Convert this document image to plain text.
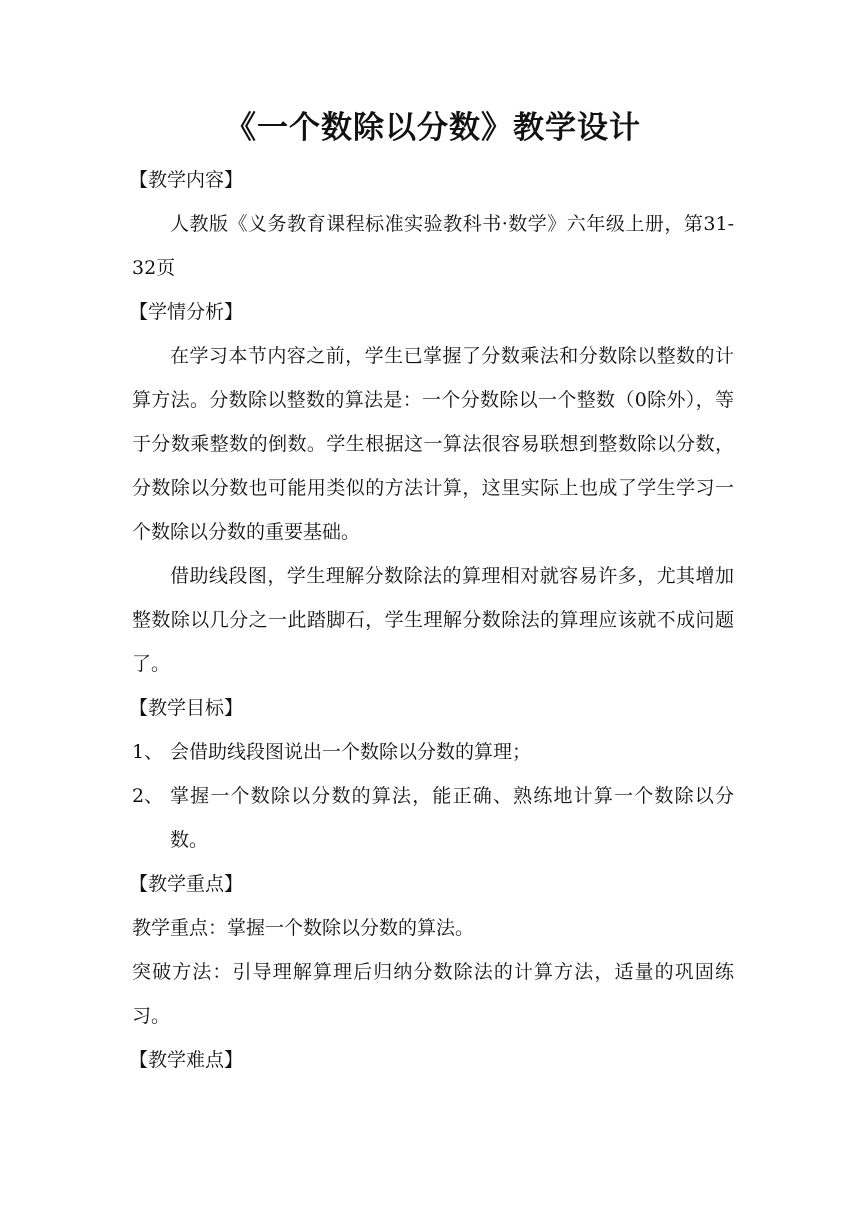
《一个数除以分数》教学设计
【教学内容】

人教版《义务教育课程标准实验教科书·数学》六年级上册，第31-32页

【学情分析】

在学习本节内容之前，学生已掌握了分数乘法和分数除以整数的计算方法。分数除以整数的算法是：一个分数除以一个整数（0除外），等于分数乘整数的倒数。学生根据这一算法很容易联想到整数除以分数，分数除以分数也可能用类似的方法计算，这里实际上也成了学生学习一个数除以分数的重要基础。

借助线段图，学生理解分数除法的算理相对就容易许多，尤其增加整数除以几分之一此踏脚石，学生理解分数除法的算理应该就不成问题了。

【教学目标】
1、 会借助线段图说出一个数除以分数的算理；
2、 掌握一个数除以分数的算法，能正确、熟练地计算一个数除以分数。
【教学重点】

教学重点：掌握一个数除以分数的算法。

突破方法：引导理解算理后归纳分数除法的计算方法，适量的巩固练习。

【教学难点】
